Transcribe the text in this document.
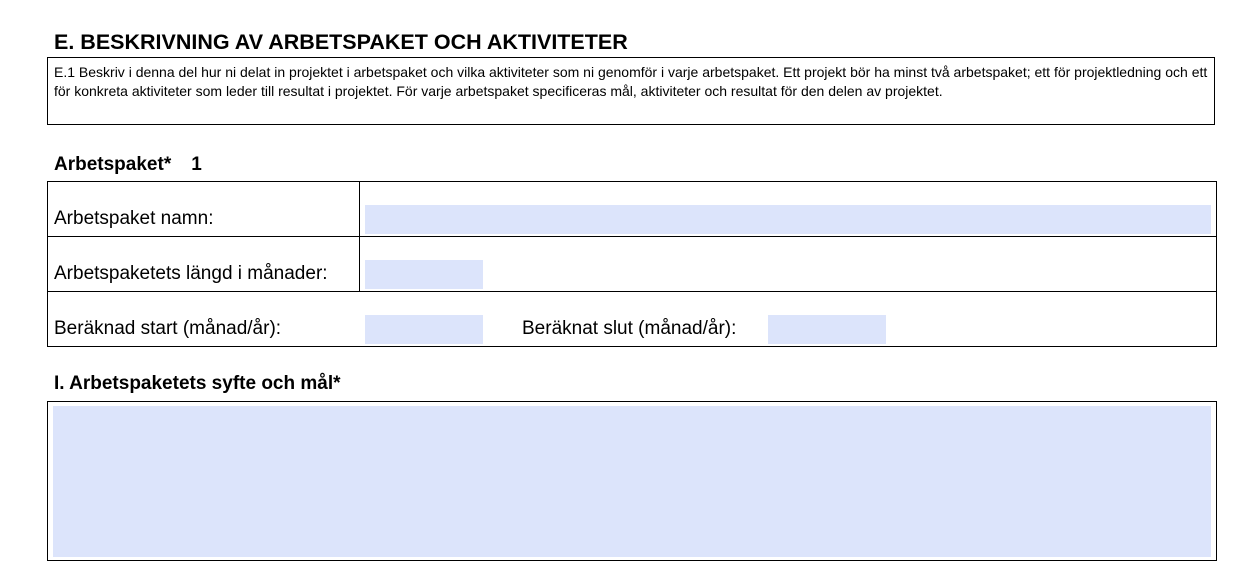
E. BESKRIVNING AV ARBETSPAKET OCH AKTIVITETER
E.1 Beskriv i denna del hur ni delat in projektet i arbetspaket och vilka aktiviteter som ni genomför i varje arbetspaket. Ett projekt bör ha minst två arbetspaket; ett för projektledning och ett för konkreta aktiviteter som leder till resultat i projektet. För varje arbetspaket specificeras mål, aktiviteter och resultat för den delen av projektet.
Arbetspaket* 1
Arbetspaket namn:
Arbetspaketets längd i månader:
Beräknad start (månad/år):	Beräknat slut (månad/år):
I. Arbetspaketets syfte och mål*
